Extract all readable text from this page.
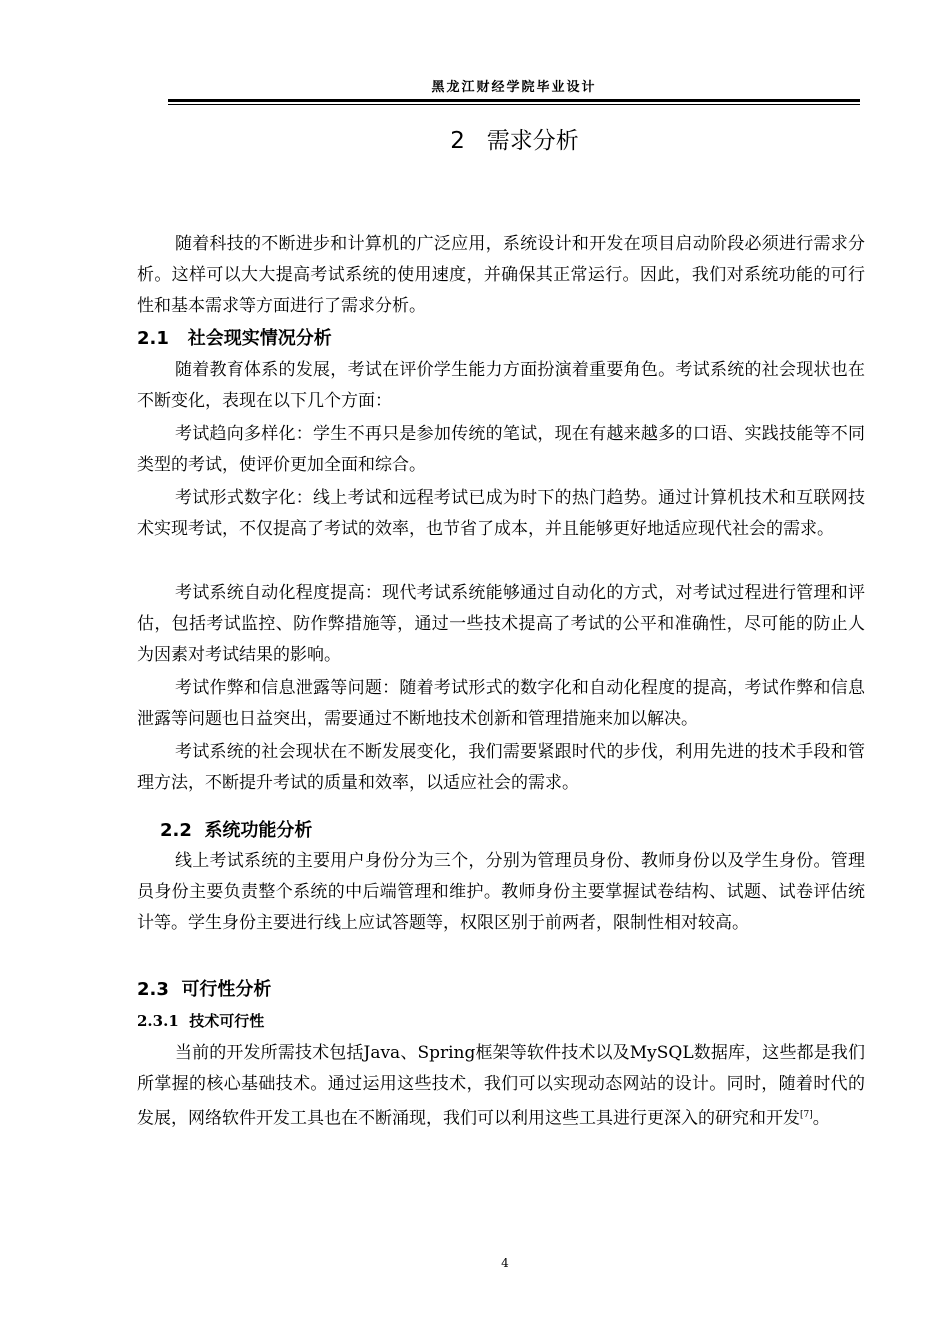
黑龙江财经学院毕业设计
2 需求分析

随着科技的不断进步和计算机的广泛应用，系统设计和开发在项目启动阶段必须进行需求分析。这样可以大大提高考试系统的使用速度，并确保其正常运行。因此，我们对系统功能的可行性和基本需求等方面进行了需求分析。

2.1 社会现实情况分析

随着教育体系的发展，考试在评价学生能力方面扮演着重要角色。考试系统的社会现状也在不断变化，表现在以下几个方面：

考试趋向多样化：学生不再只是参加传统的笔试，现在有越来越多的口语、实践技能等不同类型的考试，使评价更加全面和综合。

考试形式数字化：线上考试和远程考试已成为时下的热门趋势。通过计算机技术和互联网技术实现考试，不仅提高了考试的效率，也节省了成本，并且能够更好地适应现代社会的需求。

考试系统自动化程度提高：现代考试系统能够通过自动化的方式，对考试过程进行管理和评估，包括考试监控、防作弊措施等，通过一些技术提高了考试的公平和准确性，尽可能的防止人为因素对考试结果的影响。

考试作弊和信息泄露等问题：随着考试形式的数字化和自动化程度的提高，考试作弊和信息泄露等问题也日益突出，需要通过不断地技术创新和管理措施来加以解决。

考试系统的社会现状在不断发展变化，我们需要紧跟时代的步伐，利用先进的技术手段和管理方法，不断提升考试的质量和效率，以适应社会的需求。

2.2 系统功能分析

线上考试系统的主要用户身份分为三个，分别为管理员身份、教师身份以及学生身份。管理员身份主要负责整个系统的中后端管理和维护。教师身份主要掌握试卷结构、试题、试卷评估统计等。学生身份主要进行线上应试答题等，权限区别于前两者，限制性相对较高。

2.3 可行性分析
2.3.1 技术可行性

当前的开发所需技术包括Java、Spring框架等软件技术以及MySQL数据库，这些都是我们所掌握的核心基础技术。通过运用这些技术，我们可以实现动态网站的设计。同时，随着时代的发展，网络软件开发工具也在不断涌现，我们可以利用这些工具进行更深入的研究和开发[7]。

4
